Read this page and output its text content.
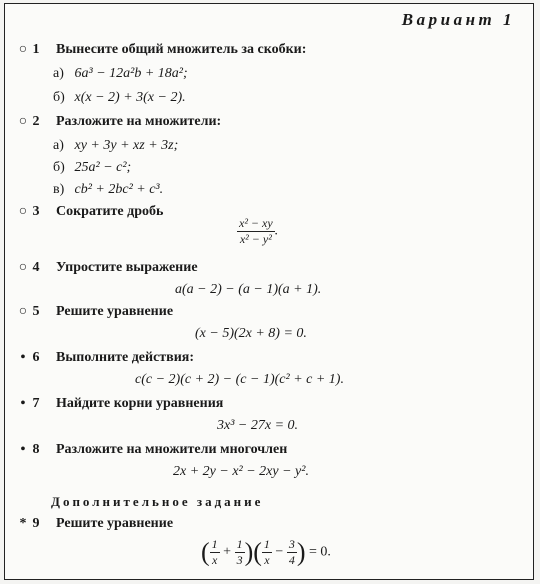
Вариант 1
○ 1 Вынесите общий множитель за скобки:
а) 6a³ − 12a²b + 18a²;
б) x(x − 2) + 3(x − 2).
○ 2 Разложите на множители:
а) xy + 3y + xz + 3z;
б) 25a² − c²;
в) cb² + 2bc² + c³.
○ 3 Сократите дробь
$\frac{\text{x² − xy}}{\text{x² − y²}}$ .
○ 4 Упростите выражение
a(a − 2) − (a − 1)(a + 1).
○ 5 Решите уравнение
(x − 5)(2x + 8) = 0.
• 6 Выполните действия:
c(c − 2)(c + 2) − (c − 1)(c² + c + 1).
• 7 Найдите корни уравнения
3x³ − 27x = 0.
• 8 Разложите на множители многочлен
2x + 2y − x² − 2xy − y².
Дополнительное задание
* 9 Решите уравнение
( $\frac{1}{x} + \frac{1}{3}$ )( $\frac{1}{x} - \frac{3}{4}$ ) = 0.
